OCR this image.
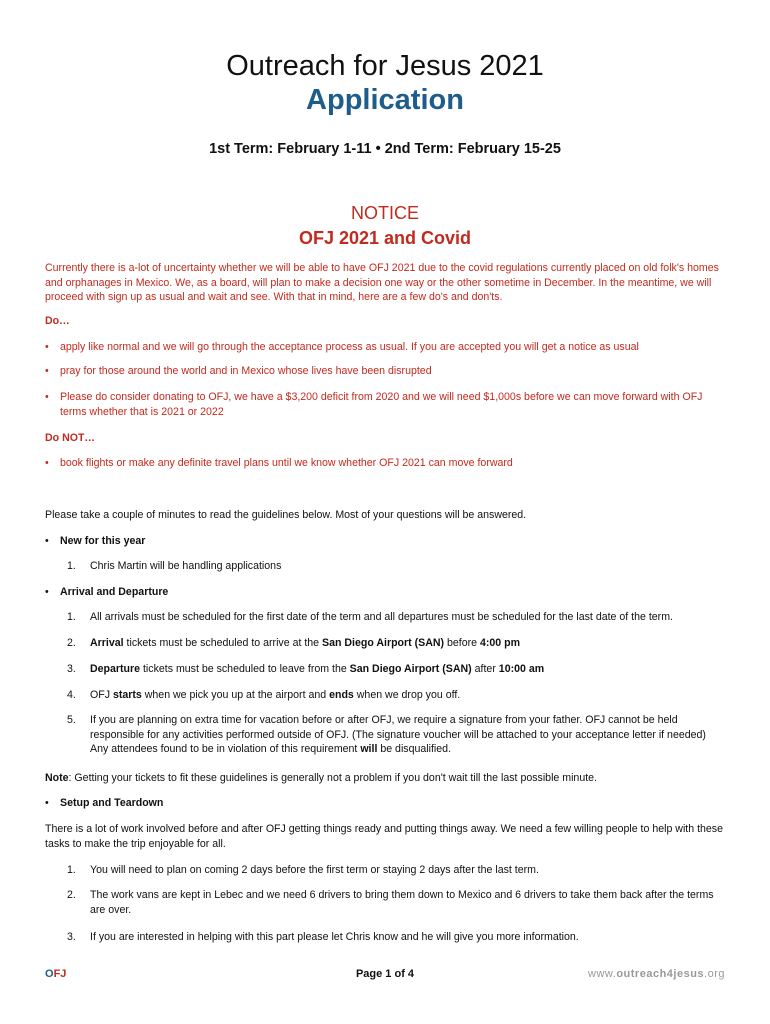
Outreach for Jesus 2021
Application
1st Term: February 1-11 • 2nd Term: February 15-25
NOTICE
OFJ 2021 and Covid
Currently there is a-lot of uncertainty whether we will be able to have OFJ 2021 due to the covid regulations currently placed on old folk's homes and orphanages in Mexico. We, as a board, will plan to make a decision one way or the other sometime in December. In the meantime, we will proceed with sign up as usual and wait and see. With that in mind, here are a few do's and don'ts.
Do…
• apply like normal and we will go through the acceptance process as usual. If you are accepted you will get a notice as usual
• pray for those around the world and in Mexico whose lives have been disrupted
• Please do consider donating to OFJ, we have a $3,200 deficit from 2020 and we will need $1,000s before we can move forward with OFJ terms whether that is 2021 or 2022
Do NOT…
• book flights or make any definite travel plans until we know whether OFJ 2021 can move forward
Please take a couple of minutes to read the guidelines below. Most of your questions will be answered.
• New for this year
1. Chris Martin will be handling applications
• Arrival and Departure
1. All arrivals must be scheduled for the first date of the term and all departures must be scheduled for the last date of the term.
2. Arrival tickets must be scheduled to arrive at the San Diego Airport (SAN) before 4:00 pm
3. Departure tickets must be scheduled to leave from the San Diego Airport (SAN) after 10:00 am
4. OFJ starts when we pick you up at the airport and ends when we drop you off.
5. If you are planning on extra time for vacation before or after OFJ, we require a signature from your father. OFJ cannot be held responsible for any activities performed outside of OFJ. (The signature voucher will be attached to your acceptance letter if needed) Any attendees found to be in violation of this requirement will be disqualified.
Note: Getting your tickets to fit these guidelines is generally not a problem if you don't wait till the last possible minute.
• Setup and Teardown
There is a lot of work involved before and after OFJ getting things ready and putting things away. We need a few willing people to help with these tasks to make the trip enjoyable for all.
1. You will need to plan on coming 2 days before the first term or staying 2 days after the last term.
2. The work vans are kept in Lebec and we need 6 drivers to bring them down to Mexico and 6 drivers to take them back after the terms are over.
3. If you are interested in helping with this part please let Chris know and he will give you more information.
OFJ	Page 1 of 4	www.outreach4jesus.org
